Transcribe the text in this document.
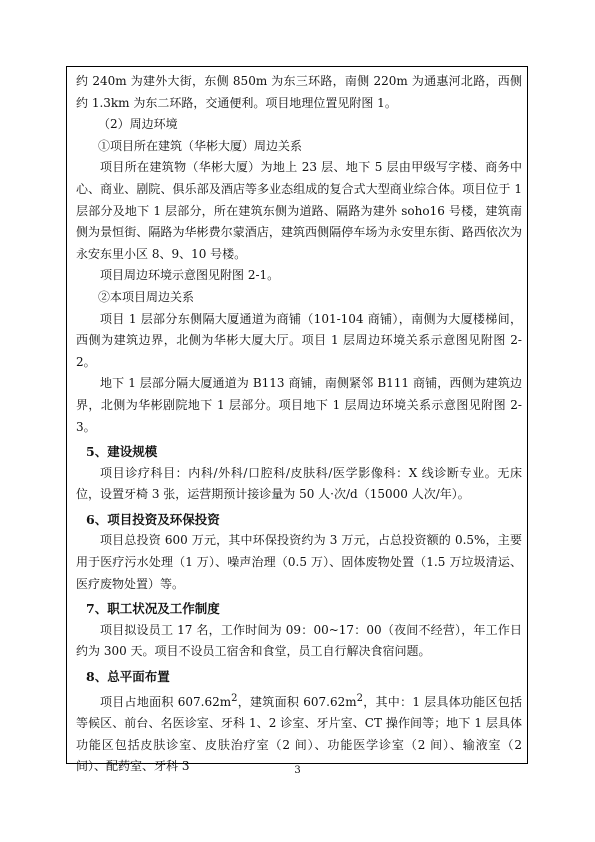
约 240m 为建外大街，东侧 850m 为东三环路，南侧 220m 为通惠河北路，西侧约 1.3km 为东二环路，交通便利。项目地理位置见附图 1。

（2）周边环境

①项目所在建筑（华彬大厦）周边关系

项目所在建筑物（华彬大厦）为地上 23 层、地下 5 层由甲级写字楼、商务中心、商业、剧院、俱乐部及酒店等多业态组成的复合式大型商业综合体。项目位于 1 层部分及地下 1 层部分，所在建筑东侧为道路、隔路为建外 soho16 号楼，建筑南侧为景恒街、隔路为华彬费尔蒙酒店，建筑西侧隔停车场为永安里东街、路西依次为永安东里小区 8、9、10 号楼。

项目周边环境示意图见附图 2-1。

②本项目周边关系

项目 1 层部分东侧隔大厦通道为商铺（101-104 商铺），南侧为大厦楼梯间，西侧为建筑边界，北侧为华彬大厦大厅。项目 1 层周边环境关系示意图见附图 2-2。

地下 1 层部分隔大厦通道为 B113 商铺，南侧紧邻 B111 商铺，西侧为建筑边界，北侧为华彬剧院地下 1 层部分。项目地下 1 层周边环境关系示意图见附图 2-3。

5、建设规模

项目诊疗科目：内科/外科/口腔科/皮肤科/医学影像科：X 线诊断专业。无床位，设置牙椅 3 张，运营期预计接诊量为 50 人·次/d（15000 人次/年）。

6、项目投资及环保投资

项目总投资 600 万元，其中环保投资约为 3 万元，占总投资额的 0.5%，主要用于医疗污水处理（1 万）、噪声治理（0.5 万）、固体废物处置（1.5 万垃圾清运、医疗废物处置）等。

7、职工状况及工作制度

项目拟设员工 17 名，工作时间为 09：00~17：00（夜间不经营），年工作日约为 300 天。项目不设员工宿舍和食堂，员工自行解决食宿问题。

8、总平面布置

项目占地面积 $607.62m^2$，建筑面积 $607.62m^2$，其中：1 层具体功能区包括等候区、前台、名医诊室、牙科 1、2 诊室、牙片室、CT 操作间等；地下 1 层具体功能区包括皮肤诊室、皮肤治疗室（2 间）、功能医学诊室（2 间）、输液室（2 间）、配药室、牙科 3	3
